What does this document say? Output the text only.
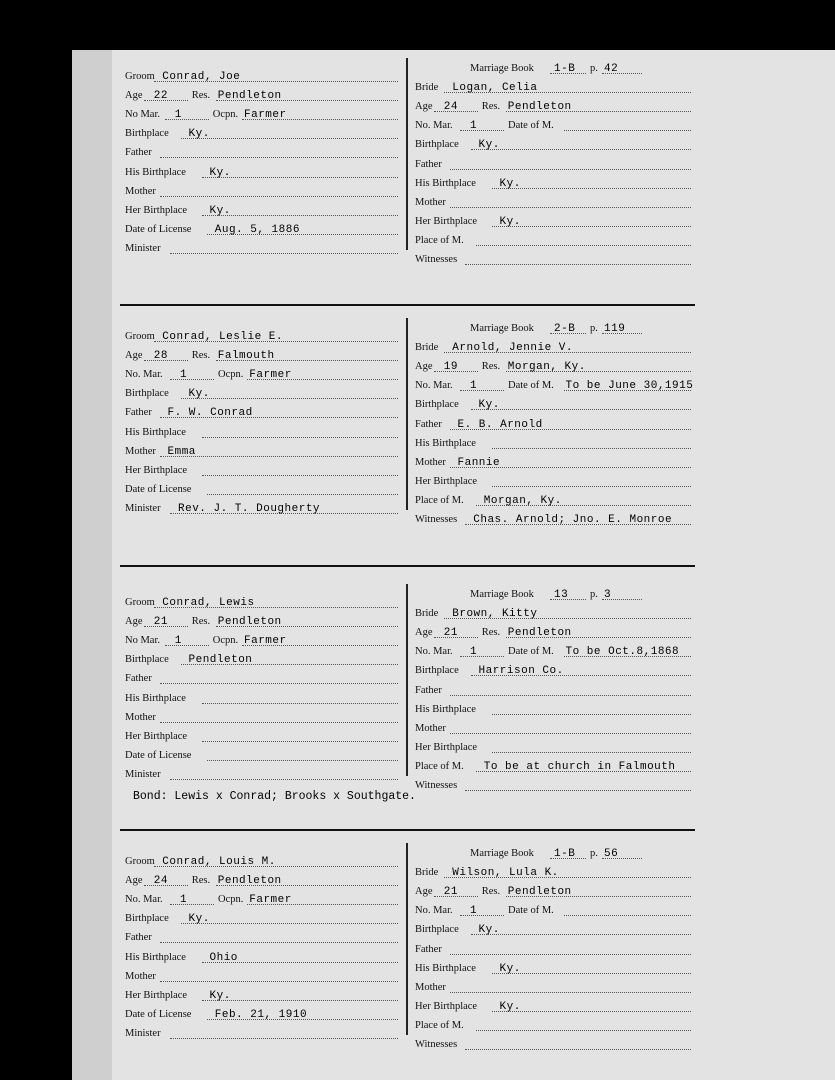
Groom Conrad, Joe
Age 22 Res. Pendleton
No Mar. 1	Ocpn. Farmer
Birthplace Ky.
Father
His Birthplace Ky.
Mother
Her Birthplace Ky.
Date of License Aug. 5, 1886
Minister
Marriage Book 1-B p. 42
Bride Logan, Celia
Age 24 Res. Pendleton
No. Mar. 1	Date of M.
Birthplace Ky.
Father
His Birthplace Ky.
Mother
Her Birthplace Ky.
Place of M.
Witnesses
Groom Conrad, Leslie E.
Age 28 Res. Falmouth
No. Mar. 1	Ocpn. Farmer
Birthplace Ky.
Father F. W. Conrad
His Birthplace
Mother Emma
Her Birthplace
Date of License
Minister Rev. J. T. Dougherty
Marriage Book 2-B p. 119
Bride Arnold, Jennie V.
Age 19 Res. Morgan, Ky.
No. Mar. 1	Date of M. To be June 30,1915
Birthplace Ky.
Father E. B. Arnold
His Birthplace
Mother Fannie
Her Birthplace
Place of M. Morgan, Ky.
Witnesses Chas. Arnold; Jno. E. Monroe
Groom Conrad, Lewis
Age 21 Res. Pendleton
No Mar. 1	Ocpn. Farmer
Birthplace Pendleton
Father
His Birthplace
Mother
Her Birthplace
Date of License
Minister
Marriage Book 13 p. 3
Bride Brown, Kitty
Age 21 Res. Pendleton
No. Mar. 1	Date of M. To be Oct.8,1868
Birthplace Harrison Co.
Father
His Birthplace
Mother
Her Birthplace
Place of M. To be at church in Falmouth
Witnesses
Bond: Lewis x Conrad; Brooks x Southgate.
Groom Conrad, Louis M.
Age 24 Res. Pendleton
No. Mar. 1	Ocpn. Farmer
Birthplace Ky.
Father
His Birthplace Ohio
Mother
Her Birthplace Ky.
Date of License Feb. 21, 1910
Minister
Marriage Book 1-B p. 56
Bride Wilson, Lula K.
Age 21 Res. Pendleton
No. Mar. 1	Date of M.
Birthplace Ky.
Father
His Birthplace Ky.
Mother
Her Birthplace Ky.
Place of M.
Witnesses
